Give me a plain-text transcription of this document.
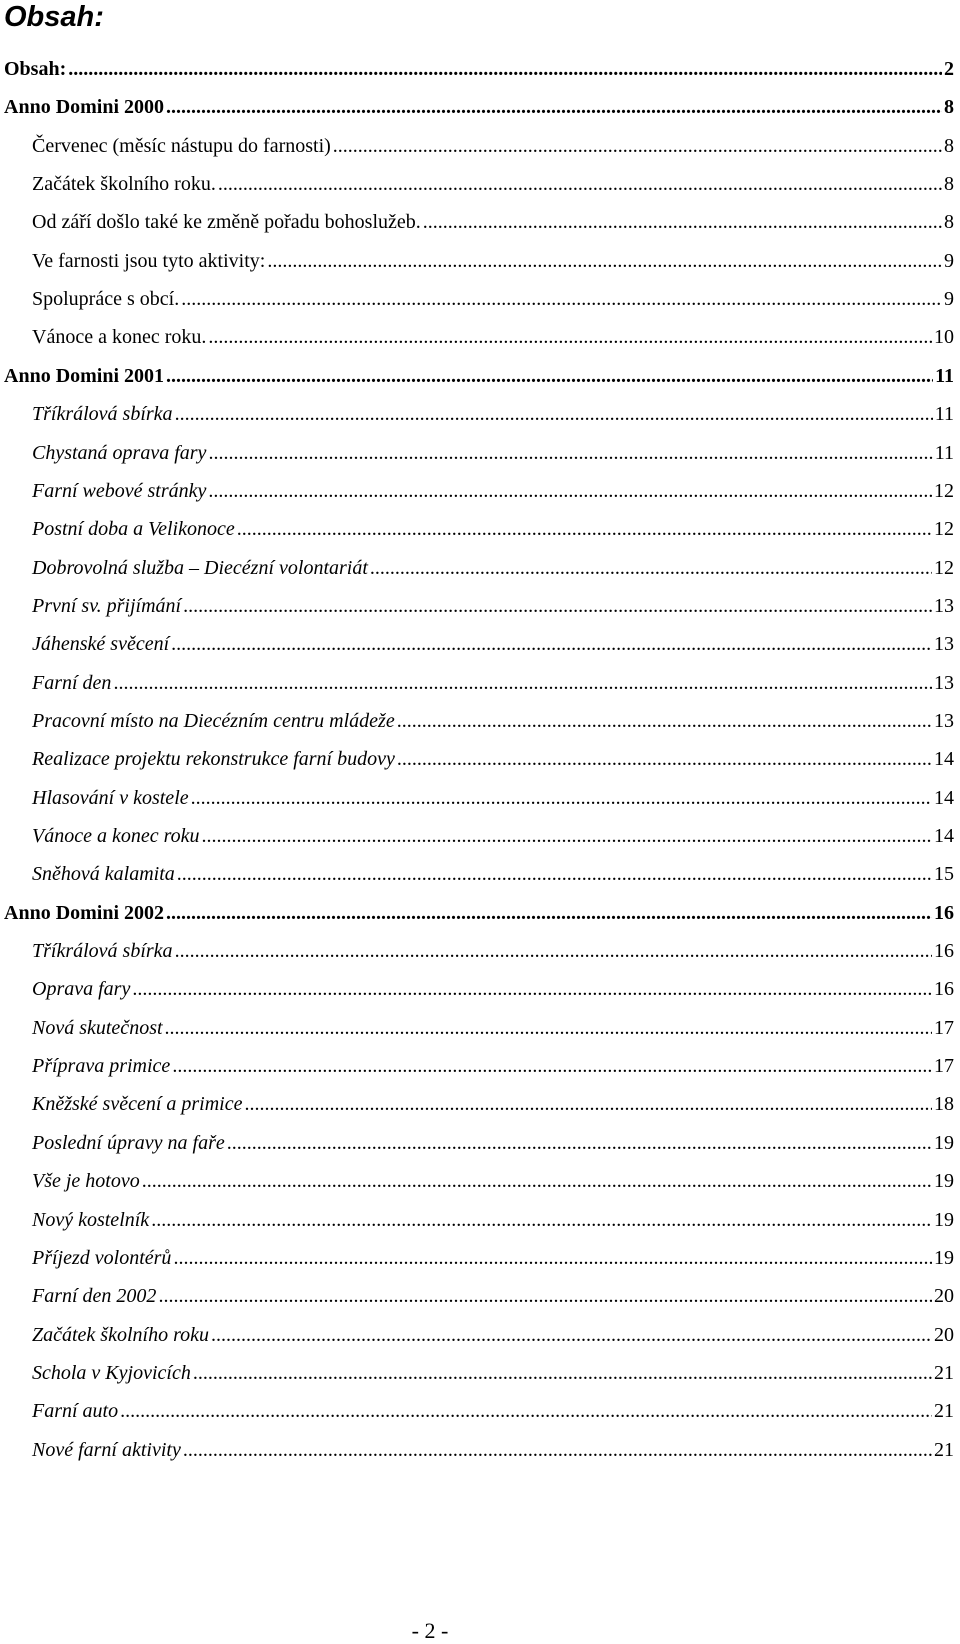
Obsah:
Obsah: .....	2
Anno Domini 2000 .....	8
Červenec (měsíc nástupu do farnosti) .....	8
Začátek školního roku. .....	8
Od září došlo také ke změně pořadu bohoslužeb. .....	8
Ve farnosti jsou tyto aktivity: .....	9
Spolupráce s obcí. .....	9
Vánoce a konec roku. .....	10
Anno Domini 2001 .....	11
Tříkrálová sbírka .....	11
Chystaná oprava fary .....	11
Farní webové stránky .....	12
Postní doba a Velikonoce .....	12
Dobrovolná služba – Diecézní volontariát .....	12
První sv. přijímání .....	13
Jáhenské svěcení .....	13
Farní den .....	13
Pracovní místo na Diecézním centru mládeže .....	13
Realizace projektu rekonstrukce farní budovy .....	14
Hlasování v kostele .....	14
Vánoce a konec roku .....	14
Sněhová kalamita .....	15
Anno Domini 2002 .....	16
Tříkrálová sbírka .....	16
Oprava fary .....	16
Nová skutečnost .....	17
Příprava primice .....	17
Kněžské svěcení a primice .....	18
Poslední úpravy na faře .....	19
Vše je hotovo .....	19
Nový kostelník .....	19
Příjezd volontérů .....	19
Farní den 2002 .....	20
Začátek školního roku .....	20
Schola v Kyjovicích .....	21
Farní auto .....	21
Nové farní aktivity .....	21
- 2 -
